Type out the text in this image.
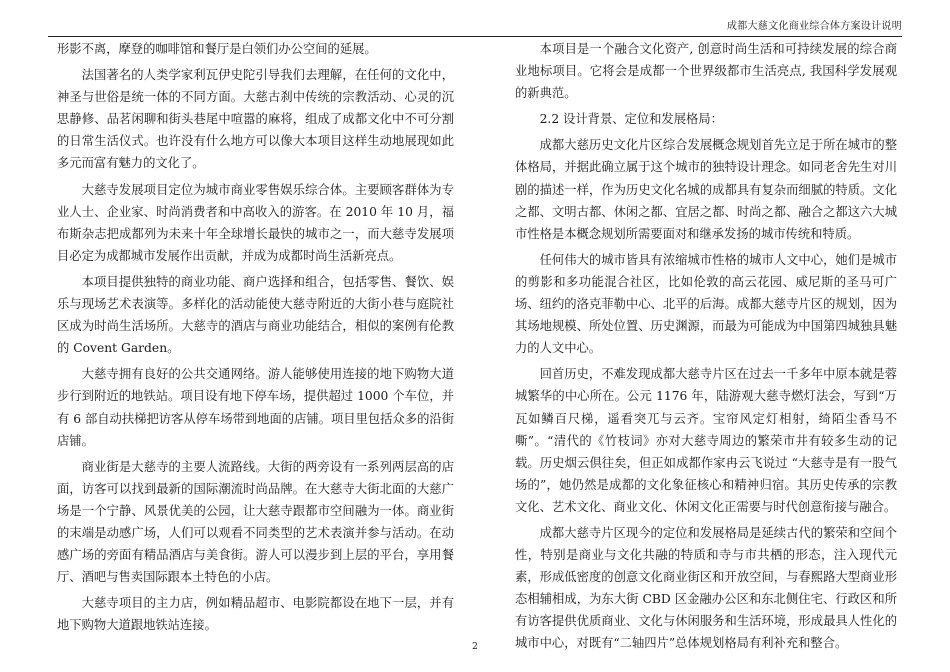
成都大慈文化商业综合体方案设计说明

形影不离，摩登的咖啡馆和餐厅是白领们办公空间的延展。

法国著名的人类学家利瓦伊史陀引导我们去理解，在任何的文化中，神圣与世俗是统一体的不同方面。大慈古刹中传统的宗教活动、心灵的沉思静修、品茗闲聊和街头巷尾中喧嚣的麻将，组成了成都文化中不可分割的日常生活仪式。也许没有什么地方可以像大本项目这样生动地展现如此多元而富有魅力的文化了。

大慈寺发展项目定位为城市商业零售娱乐综合体。主要顾客群体为专业人士、企业家、时尚消费者和中高收入的游客。在 2010 年 10 月，福布斯杂志把成都列为未来十年全球增长最快的城市之一，而大慈寺发展项目必定为成都城市发展作出贡献，并成为成都时尚生活新亮点。

本项目提供独特的商业功能、商户选择和组合，包括零售、餐饮、娱乐与现场艺术表演等。多样化的活动能使大慈寺附近的大街小巷与庭院社区成为时尚生活场所。大慈寺的酒店与商业功能结合，相似的案例有伦教的 Covent Garden。

大慈寺拥有良好的公共交通网络。游人能够使用连接的地下购物大道步行到附近的地铁站。项目设有地下停车场，提供超过 1000 个车位，并有 6 部自动扶梯把访客从停车场带到地面的店铺。项目里包括众多的沿街店铺。

商业街是大慈寺的主要人流路线。大街的两旁设有一系列两层高的店面，访客可以找到最新的国际潮流时尚品牌。在大慈寺大街北面的大慈广场是一个宁静、风景优美的公园，让大慈寺跟都市空间融为一体。商业街的末端是动感广场，人们可以观看不同类型的艺术表演并参与活动。在动感广场的旁面有精品酒店与美食街。游人可以漫步到上层的平台，享用餐厅、酒吧与售卖国际跟本土特色的小店。

大慈寺项目的主力店，例如精品超市、电影院都设在地下一层，并有地下购物大道跟地铁站连接。

本项目是一个融合文化资产, 创意时尚生活和可持续发展的综合商业地标项目。它将会是成都一个世界级都市生活亮点, 我国科学发展观的新典范。

2.2 设计背景、定位和发展格局：

成都大慈历史文化片区综合发展概念规划首先立足于所在城市的整体格局，并据此确立属于这个城市的独特设计理念。如同老舍先生对川剧的描述一样，作为历史文化名城的成都具有复杂而细腻的特质。文化之都、文明古都、休闲之都、宜居之都、时尚之都、融合之都这六大城市性格是本概念规划所需要面对和继承发扬的城市传统和特质。

任何伟大的城市皆具有浓缩城市性格的城市人文中心，她们是城市的剪影和多功能混合社区，比如伦敦的高云花园、威尼斯的圣马可广场、纽约的洛克菲勒中心、北平的后海。成都大慈寺片区的规划，因为其场地规模、所处位置、历史渊源，而最为可能成为中国第四城独具魅力的人文中心。

回首历史，不难发现成都大慈寺片区在过去一千多年中原本就是蓉城繁华的中心所在。公元 1176 年，陆游观大慈寺燃灯法会，写到“万瓦如鳞百尺梯，遥看突兀与云齐。宝帘风定灯相射，绮陌尘香马不嘶”。“清代的《竹枝词》亦对大慈寺周边的繁荣市井有较多生动的记载。历史烟云倶往矣，但正如成都作家冉云飞说过 “大慈寺是有一股气场的”，她仍然是成都的文化象征核心和精神归宿。其历史传承的宗教文化、艺术文化、商业文化、休闲文化正需要与时代创意衔接与融合。

成都大慈寺片区现今的定位和发展格局是延续古代的繁荣和空间个性，特别是商业与文化共融的特质和寺与市共栖的形态，注入现代元素，形成低密度的创意文化商业街区和开放空间，与春熙路大型商业形态相辅相成，为东大街 CBD 区金融办公区和东北侧住宅、行政区和所有访客提供优质商业、文化与休闲服务和生活环境，形成最具人性化的城市中心，对既有“二轴四片”总体规划格局有利补充和整合。

2
